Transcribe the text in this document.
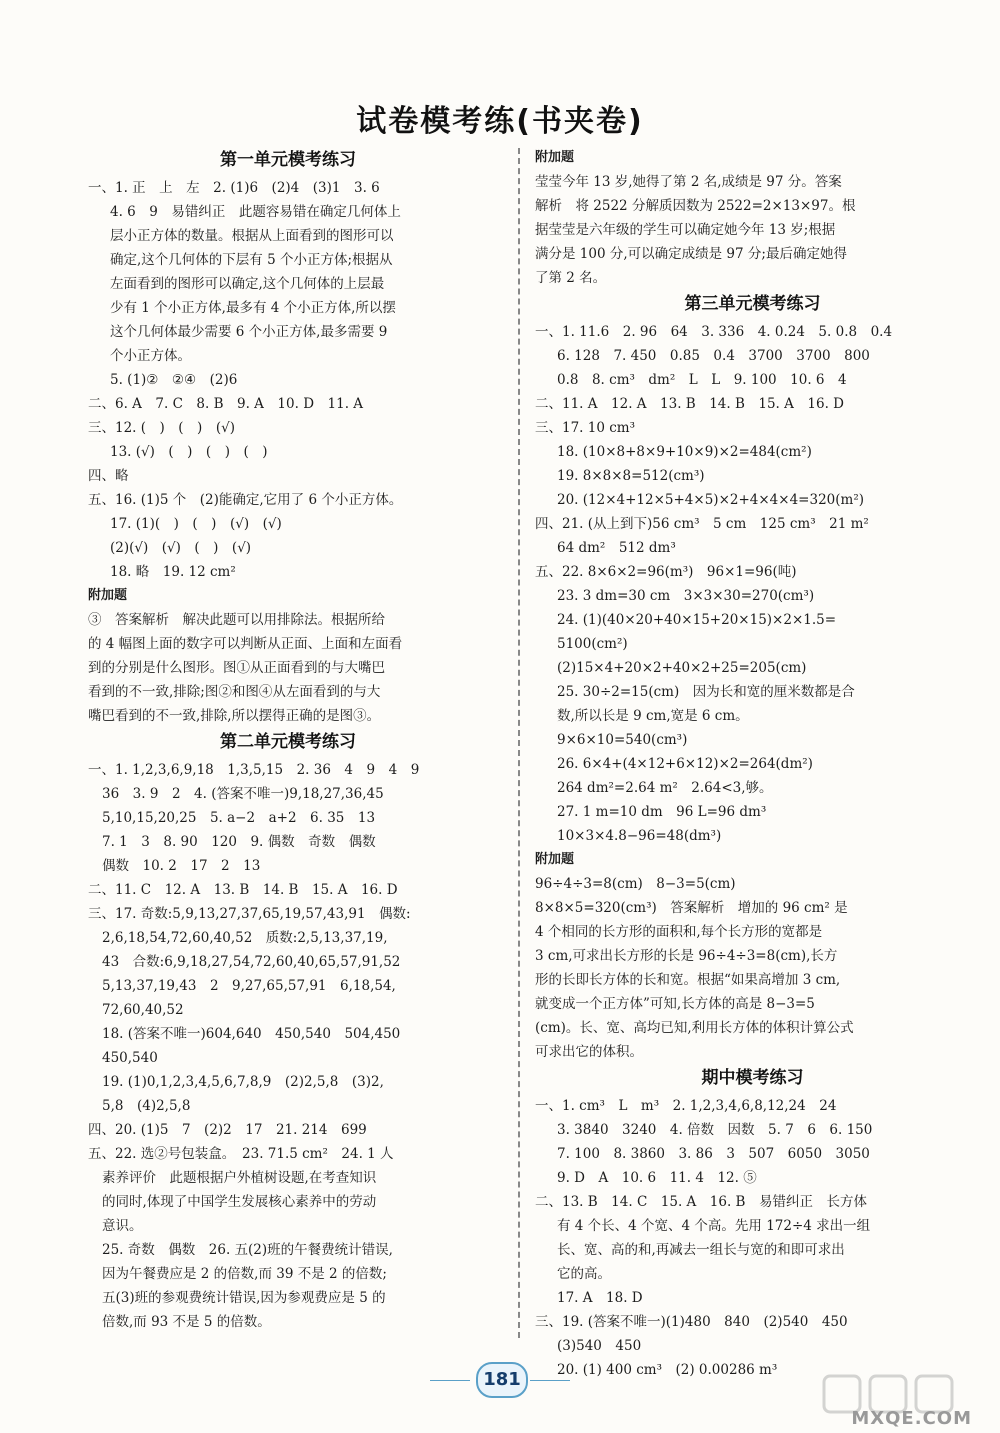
试卷模考练(书夹卷)
第一单元模考练习
一、1. 正　上　左　2. (1)6　(2)4　(3)1　3. 6
4. 6　9　易错纠正　此题容易错在确定几何体上
层小正方体的数量。根据从上面看到的图形可以
确定,这个几何体的下层有 5 个小正方体;根据从
左面看到的图形可以确定,这个几何体的上层最
少有 1 个小正方体,最多有 4 个小正方体,所以摆
这个几何体最少需要 6 个小正方体,最多需要 9
个小正方体。
5. (1)②　②④　(2)6
二、6. A　7. C　8. B　9. A　10. D　11. A
三、12. (　)　(　)　(√)
13. (√)　(　)　(　)　(　)
四、略
五、16. (1)5 个　(2)能确定,它用了 6 个小正方体。
17. (1)(　)　(　)　(√)　(√)
(2)(√)　(√)　(　)　(√)
18. 略　19. 12 cm²
附加题
③　答案解析　解决此题可以用排除法。根据所给
的 4 幅图上面的数字可以判断从正面、上面和左面看
到的分别是什么图形。图①从正面看到的与大嘴巴
看到的不一致,排除;图②和图④从左面看到的与大
嘴巴看到的不一致,排除,所以摆得正确的是图③。
第二单元模考练习
一、1. 1,2,3,6,9,18　1,3,5,15　2. 36　4　9　4　9
36　3. 9　2　4. (答案不唯一)9,18,27,36,45
5,10,15,20,25　5. a−2　a+2　6. 35　13
7. 1　3　8. 90　120　9. 偶数　奇数　偶数
偶数　10. 2　17　2　13
二、11. C　12. A　13. B　14. B　15. A　16. D
三、17. 奇数:5,9,13,27,37,65,19,57,43,91　偶数:
2,6,18,54,72,60,40,52　质数:2,5,13,37,19,
43　合数:6,9,18,27,54,72,60,40,65,57,91,52
5,13,37,19,43　2　9,27,65,57,91　6,18,54,
72,60,40,52
18. (答案不唯一)604,640　450,540　504,450
450,540
19. (1)0,1,2,3,4,5,6,7,8,9　(2)2,5,8　(3)2,
5,8　(4)2,5,8
四、20. (1)5　7　(2)2　17　21. 214　699
五、22. 选②号包装盒。　23. 71.5 cm²　24. 1 人
素养评价　此题根据户外植树设题,在考查知识
的同时,体现了中国学生发展核心素养中的劳动
意识。
25. 奇数　偶数　26. 五(2)班的午餐费统计错误,
因为午餐费应是 2 的倍数,而 39 不是 2 的倍数;
五(3)班的参观费统计错误,因为参观费应是 5 的
倍数,而 93 不是 5 的倍数。
附加题
莹莹今年 13 岁,她得了第 2 名,成绩是 97 分。答案
解析　将 2522 分解质因数为 2522=2×13×97。根
据莹莹是六年级的学生可以确定她今年 13 岁;根据
满分是 100 分,可以确定成绩是 97 分;最后确定她得
了第 2 名。
第三单元模考练习
一、1. 11.6　2. 96　64　3. 336　4. 0.24　5. 0.8　0.4
6. 128　7. 450　0.85　0.4　3700　3700　800
0.8　8. cm³　dm²　L　L　9. 100　10. 6　4
二、11. A　12. A　13. B　14. B　15. A　16. D
三、17. 10 cm³
18. (10×8+8×9+10×9)×2=484(cm²)
19. 8×8×8=512(cm³)
20. (12×4+12×5+4×5)×2+4×4×4=320(m²)
四、21. (从上到下)56 cm³　5 cm　125 cm³　21 m²
64 dm²　512 dm³
五、22. 8×6×2=96(m³)　96×1=96(吨)
23. 3 dm=30 cm　3×3×30=270(cm³)
24. (1)(40×20+40×15+20×15)×2×1.5=
5100(cm²)
(2)15×4+20×2+40×2+25=205(cm)
25. 30÷2=15(cm)　因为长和宽的厘米数都是合
数,所以长是 9 cm,宽是 6 cm。
9×6×10=540(cm³)
26. 6×4+(4×12+6×12)×2=264(dm²)
264 dm²=2.64 m²　2.64<3,够。
27. 1 m=10 dm　96 L=96 dm³
10×3×4.8−96=48(dm³)
附加题
96÷4÷3=8(cm)　8−3=5(cm)
8×8×5=320(cm³)　答案解析　增加的 96 cm² 是
4 个相同的长方形的面积和,每个长方形的宽都是
3 cm,可求出长方形的长是 96÷4÷3=8(cm),长方
形的长即长方体的长和宽。根据“如果高增加 3 cm,
就变成一个正方体”可知,长方体的高是 8−3=5
(cm)。长、宽、高均已知,利用长方体的体积计算公式
可求出它的体积。
期中模考练习
一、1. cm³　L　m³　2. 1,2,3,4,6,8,12,24　24
3. 3840　3240　4. 倍数　因数　5. 7　6　6. 150
7. 100　8. 3860　3. 86　3　507　6050　3050
9. D　A　10. 6　11. 4　12. ⑤
二、13. B　14. C　15. A　16. B　易错纠正　长方体
有 4 个长、4 个宽、4 个高。先用 172÷4 求出一组
长、宽、高的和,再减去一组长与宽的和即可求出
它的高。
17. A　18. D
三、19. (答案不唯一)(1)480　840　(2)540　450
(3)540　450
20. (1) 400 cm³　(2) 0.00286 m³
181
MXQE.COM
